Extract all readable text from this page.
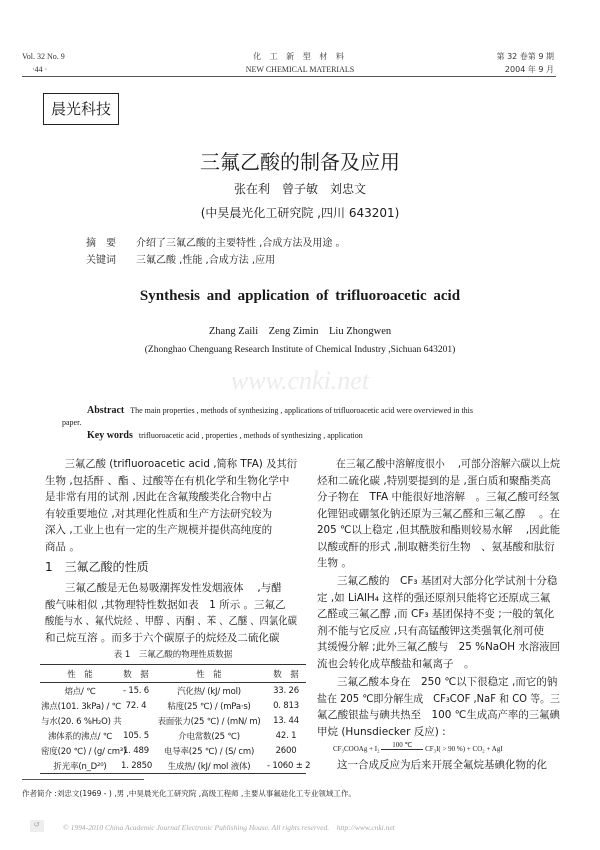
Vol. 32 No. 9
·44 ·
化 工 新 型 材 料
NEW CHEMICAL MATERIALS
第 32 卷第 9 期
2004 年 9 月
晨光科技
三氟乙酸的制备及应用
张在利　曾子敏　刘忠文
(中昊晨光化工研究院 ,四川 643201)
摘　要 介绍了三氟乙酸的主要特性 ,合成方法及用途 。
关键词 三氟乙酸 ,性能 ,合成方法 ,应用
Synthesis and application of trifluoroacetic acid
Zhang Zaili　Zeng Zimin　Liu Zhongwen
(Zhonghao Chenguang Research Institute of Chemical Industry ,Sichuan 643201)
www.cnki.net
Abstract The main properties , methods of synthesizing , applications of trifluoroacetic acid were overviewed in this
paper.
Key words trifluoroacetic acid , properties , methods of synthesizing , application
三氟乙酸 (trifluoroacetic acid ,简称 TFA) 及其衍
生物 ,包括酐 、酯 、过酸等在有机化学和生物化学中
是非常有用的试剂 ,因此在含氟羧酸类化合物中占
有较重要地位 ,对其理化性质和生产方法研究较为
深入 ,工业上也有一定的生产规模并提供高纯度的
商品 。
1　三氟乙酸的性质
三氟乙酸是无色易吸潮挥发性发烟液体　 ,与醋
酸气味相似 ,其物理特性数据如表　1 所示 。三氟乙
酸能与水 、氟代烷烃 、甲醇 、丙酮 、苯 、乙醚 、四氯化碳
和己烷互溶 。而多于六个碳原子的烷烃及二硫化碳
表 1　三氟乙酸的物理性质数据
性　能	数　据	性　能	数　据
熔点/ ℃	- 15. 6	汽化热/ (kJ/ mol)	33. 26
沸点(101. 3kPa) / ℃	72. 4	粘度(25 ℃) / (mPa·s)	0. 813
与水(20. 6 %H₂O) 共		表面张力(25 ℃) / (mN/ m)	13. 44
沸体系的沸点/ ℃	105. 5	介电常数(25 ℃)	42. 1
密度(20 ℃) / (g/ cm³)	1. 489	电导率(25 ℃) / (S/ cm)	2600
折光率(n_D²⁰)	1. 2850	生成热/ (kJ/ mol 液体)	- 1060 ± 2
在三氟乙酸中溶解度很小　 ,可部分溶解六碳以上烷
烃和二硫化碳 ,特别要提到的是 ,蛋白质和聚酯类高
分子物在　TFA 中能很好地溶解　。三氟乙酸可经氢
化锂铝或硼氢化钠还原为三氟乙醛和三氟乙醇　 。在
205 ℃以上稳定 ,但其酰胺和酯则较易水解　 ,因此能
以酸或酐的形式 ,制取糖类衍生物　、氨基酸和肽衍
生物 。
三氟乙酸的　CF₃ 基团对大部分化学试剂十分稳
定 ,如 LiAlH₄ 这样的强还原剂只能将它还原成三氟
乙醛或三氟乙醇 ,而 CF₃ 基团保持不变 ;一般的氧化
剂不能与它反应 ,只有高锰酸钾这类强氧化剂可使
其缓慢分解 ;此外三氟乙酸与　25 %NaOH 水溶液回
流也会转化成草酸盐和氟离子　。
三氟乙酸本身在　250 ℃以下很稳定 ,而它的钠
盐在 205 ℃即分解生成　CF₃COF ,NaF 和 CO 等。三
氟乙酸银盐与碘共热至　100 ℃生成高产率的三氟碘
甲烷 (Hunsdiecker 反应) :
CF₃COOAg + I₂
100 ℃
CF₃I( > 90 %) + CO₂ + AgI
这一合成反应为后来开展全氟烷基碘化物的化
作者简介 :刘忠文(1969 - ) ,男 ,中昊晨光化工研究院 ,高级工程师 ,主要从事氟硅化工专业领域工作。
↺	© 1994-2010 China Academic Journal Electronic Publishing House. All rights reserved.　http://www.cnki.net
